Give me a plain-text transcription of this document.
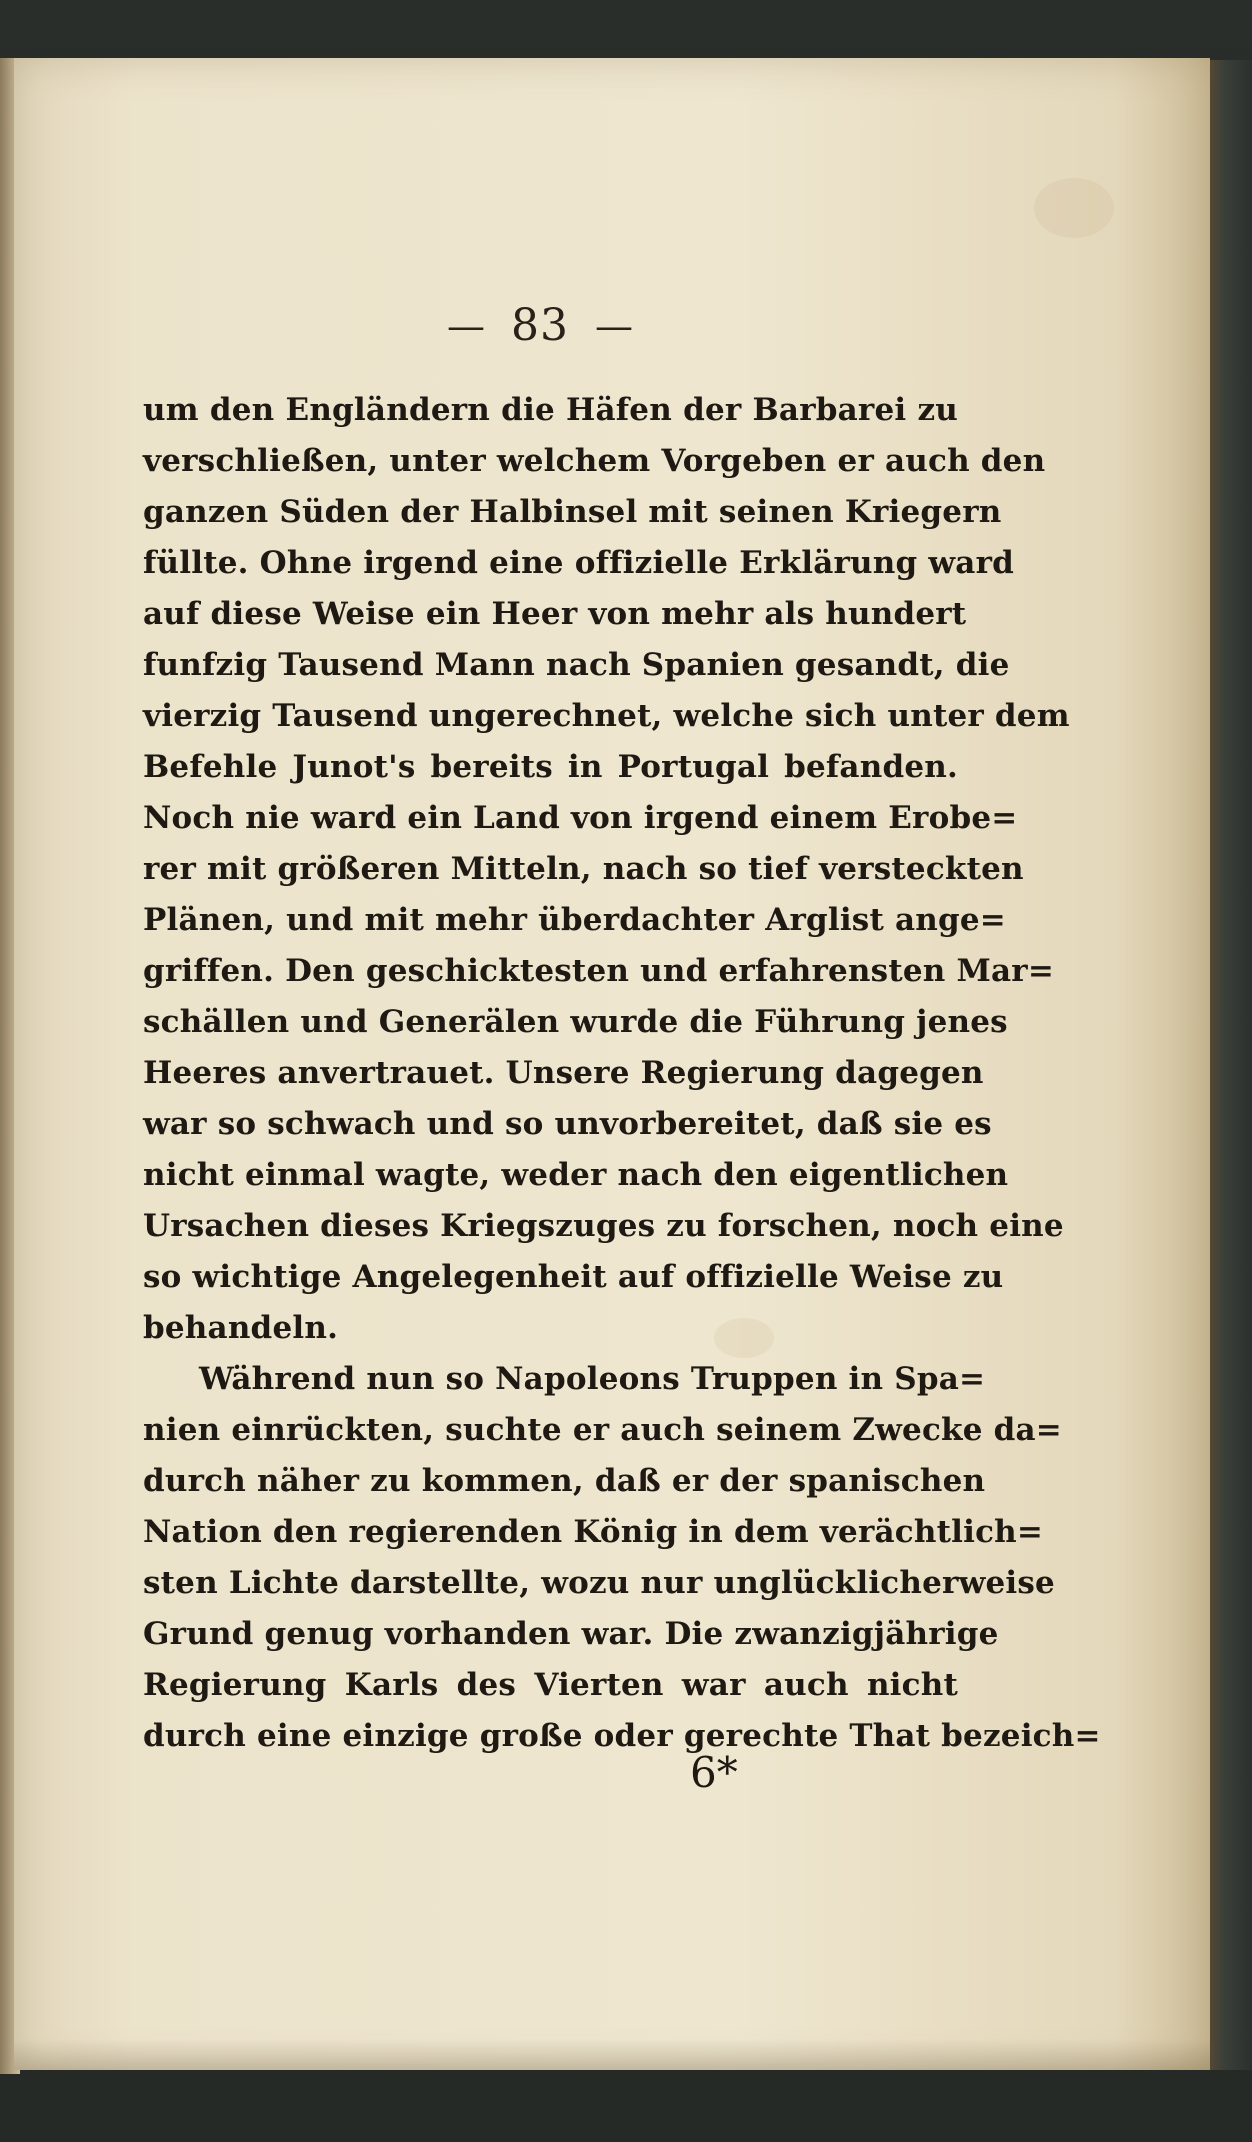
— 83 —
um den Engländern die Häfen der Barbarei zu
verschließen, unter welchem Vorgeben er auch den
ganzen Süden der Halbinsel mit seinen Kriegern
füllte. Ohne irgend eine offizielle Erklärung ward
auf diese Weise ein Heer von mehr als hundert
funfzig Tausend Mann nach Spanien gesandt, die
vierzig Tausend ungerechnet, welche sich unter dem
Befehle Junot's bereits in Portugal befanden.
Noch nie ward ein Land von irgend einem Erobe=
rer mit größeren Mitteln, nach so tief versteckten
Plänen, und mit mehr überdachter Arglist ange=
griffen. Den geschicktesten und erfahrensten Mar=
schällen und Generälen wurde die Führung jenes
Heeres anvertrauet. Unsere Regierung dagegen
war so schwach und so unvorbereitet, daß sie es
nicht einmal wagte, weder nach den eigentlichen
Ursachen dieses Kriegszuges zu forschen, noch eine
so wichtige Angelegenheit auf offizielle Weise zu
behandeln.
Während nun so Napoleons Truppen in Spa=
nien einrückten, suchte er auch seinem Zwecke da=
durch näher zu kommen, daß er der spanischen
Nation den regierenden König in dem verächtlich=
sten Lichte darstellte, wozu nur unglücklicherweise
Grund genug vorhanden war. Die zwanzigjährige
Regierung Karls des Vierten war auch nicht
durch eine einzige große oder gerechte That bezeich=
6*
